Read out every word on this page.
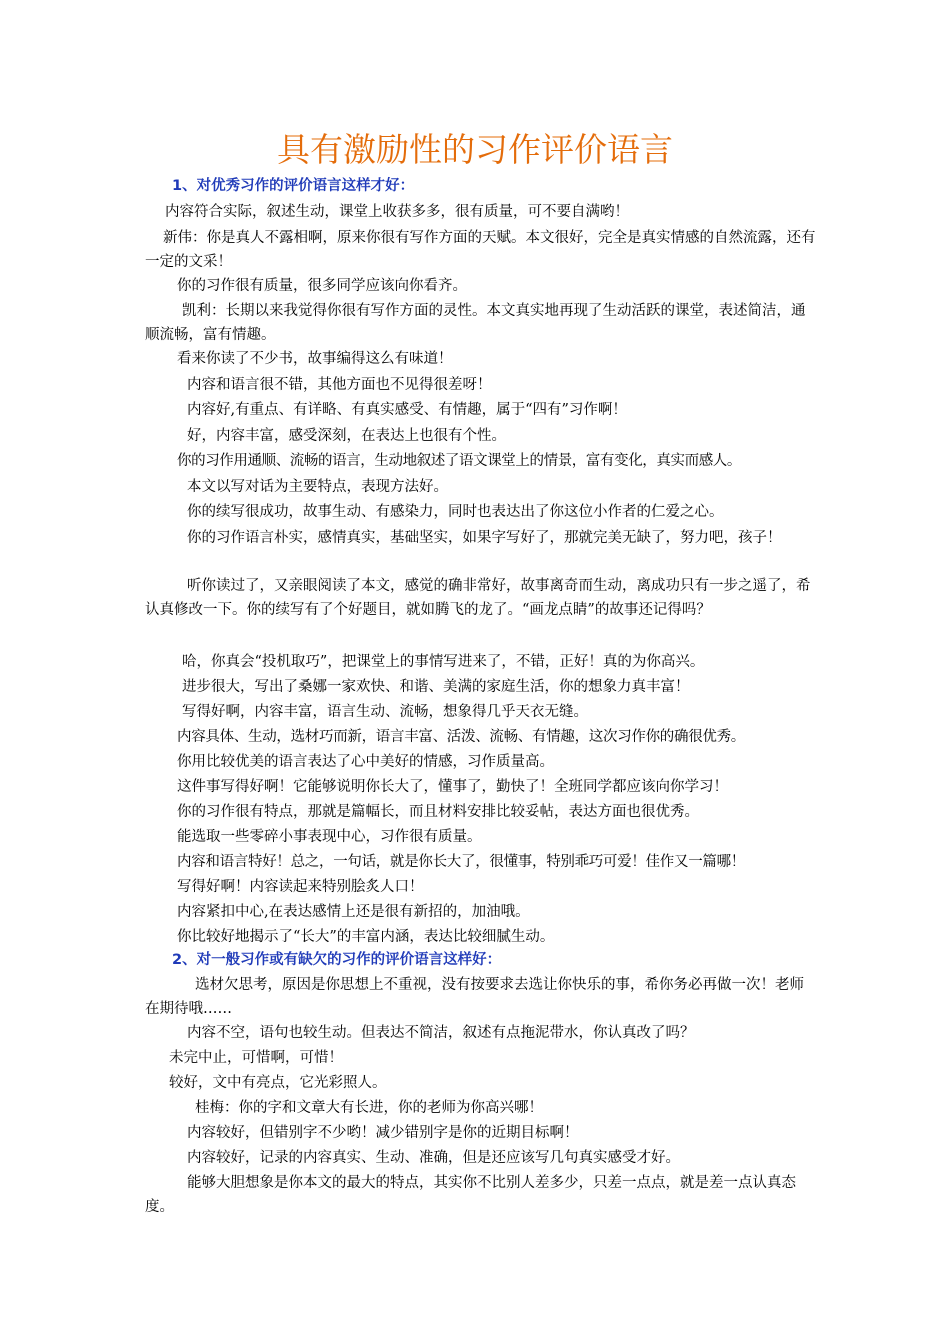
具有激励性的习作评价语言
1、对优秀习作的评价语言这样才好：

内容符合实际，叙述生动，课堂上收获多多，很有质量，可不要自满哟！

新伟：你是真人不露相啊，原来你很有写作方面的天赋。本文很好，完全是真实情感的自然流露，还有一定的文采！

你的习作很有质量，很多同学应该向你看齐。

凯利：长期以来我觉得你很有写作方面的灵性。本文真实地再现了生动活跃的课堂，表述简洁，通顺流畅，富有情趣。

看来你读了不少书，故事编得这么有味道！

内容和语言很不错，其他方面也不见得很差呀！

内容好,有重点、有详略、有真实感受、有情趣，属于“四有”习作啊！

好，内容丰富，感受深刻，在表达上也很有个性。

你的习作用通顺、流畅的语言，生动地叙述了语文课堂上的情景，富有变化，真实而感人。

本文以写对话为主要特点，表现方法好。

你的续写很成功，故事生动、有感染力，同时也表达出了你这位小作者的仁爱之心。

你的习作语言朴实，感情真实，基础坚实，如果字写好了，那就完美无缺了，努力吧，孩子！

听你读过了，又亲眼阅读了本文，感觉的确非常好，故事离奇而生动，离成功只有一步之遥了，希认真修改一下。你的续写有了个好题目，就如腾飞的龙了。“画龙点睛”的故事还记得吗？

哈，你真会“投机取巧”，把课堂上的事情写进来了，不错，正好！真的为你高兴。

进步很大，写出了桑娜一家欢快、和谐、美满的家庭生活，你的想象力真丰富！

写得好啊，内容丰富，语言生动、流畅，想象得几乎天衣无缝。

内容具体、生动，选材巧而新，语言丰富、活泼、流畅、有情趣，这次习作你的确很优秀。

你用比较优美的语言表达了心中美好的情感，习作质量高。

这件事写得好啊！它能够说明你长大了，懂事了，勤快了！全班同学都应该向你学习！

你的习作很有特点，那就是篇幅长，而且材料安排比较妥帖，表达方面也很优秀。

能选取一些零碎小事表现中心，习作很有质量。

内容和语言特好！总之，一句话，就是你长大了，很懂事，特别乖巧可爱！佳作又一篇哪！

写得好啊！内容读起来特别脍炙人口！

内容紧扣中心,在表达感情上还是很有新招的，加油哦。

你比较好地揭示了“长大”的丰富内涵，表达比较细腻生动。

2、对一般习作或有缺欠的习作的评价语言这样好：

选材欠思考，原因是你思想上不重视，没有按要求去选让你快乐的事，希你务必再做一次！老师在期待哦……

内容不空，语句也较生动。但表达不简洁，叙述有点拖泥带水，你认真改了吗？

未完中止，可惜啊，可惜！

较好，文中有亮点，它光彩照人。

桂梅：你的字和文章大有长进，你的老师为你高兴哪！

内容较好，但错别字不少哟！减少错别字是你的近期目标啊！

内容较好，记录的内容真实、生动、准确，但是还应该写几句真实感受才好。

能够大胆想象是你本文的最大的特点，其实你不比别人差多少，只差一点点，就是差一点认真态度。
